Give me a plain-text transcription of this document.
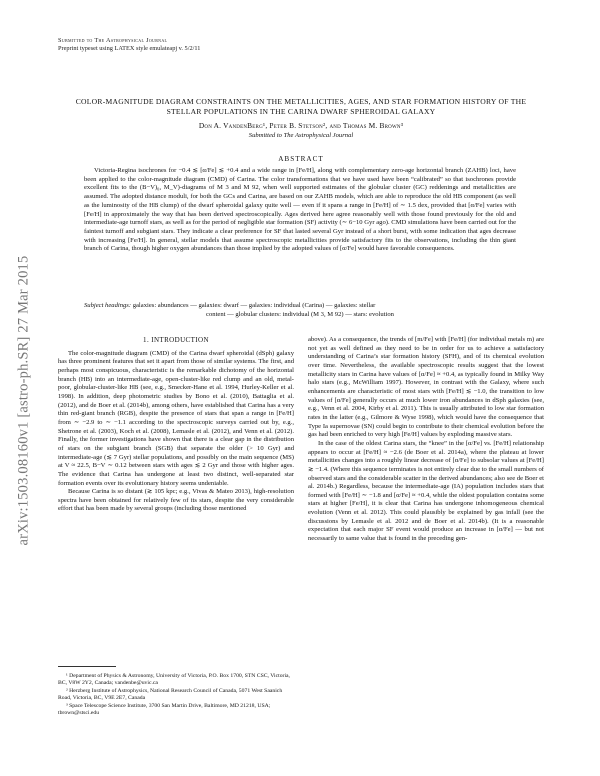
arXiv:1503.08160v1 [astro-ph.SR] 27 Mar 2015
Submitted to The Astrophysical Journal
Preprint typeset using LATEX style emulateapj v. 5/2/11
COLOR-MAGNITUDE DIAGRAM CONSTRAINTS ON THE METALLICITIES, AGES, AND STAR FORMATION HISTORY OF THE STELLAR POPULATIONS IN THE CARINA DWARF SPHEROIDAL GALAXY
Don A. VandenBerg¹, Peter B. Stetson², and Thomas M. Brown³
Submitted to The Astrophysical Journal
ABSTRACT
Victoria-Regina isochrones for −0.4 ≲ [α/Fe] ≲ +0.4 and a wide range in [Fe/H], along with complementary zero-age horizontal branch (ZAHB) loci, have been applied to the color-magnitude diagram (CMD) of Carina. The color transformations that we have used have been “calibrated” so that isochrones provide excellent fits to the (B−V)₀, M_V)-diagrams of M 3 and M 92, when well supported estimates of the globular cluster (GC) reddenings and metallicities are assumed. The adopted distance moduli, for both the GCs and Carina, are based on our ZAHB models, which are able to reproduce the old HB component (as well as the luminosity of the HB clump) of the dwarf spheroidal galaxy quite well — even if it spans a range in [Fe/H] of ∼ 1.5 dex, provided that [α/Fe] varies with [Fe/H] in approximately the way that has been derived spectroscopically. Ages derived here agree reasonably well with those found previously for the old and intermediate-age turnoff stars, as well as for the period of negligible star formation (SF) activity (∼ 6−10 Gyr ago). CMD simulations have been carried out for the faintest turnoff and subgiant stars. They indicate a clear preference for SF that lasted several Gyr instead of a short burst, with some indication that ages decrease with increasing [Fe/H]. In general, stellar models that assume spectroscopic metallicities provide satisfactory fits to the observations, including the thin giant branch of Carina, though higher oxygen abundances than those implied by the adopted values of [α/Fe] would have favorable consequences.
Subject headings: galaxies: abundances — galaxies: dwarf — galaxies: individual (Carina) — galaxies: stellar
content — globular clusters: individual (M 3, M 92) — stars: evolution
1. INTRODUCTION

The color-magnitude diagram (CMD) of the Carina dwarf spheroidal (dSph) galaxy has three prominent features that set it apart from those of similar systems. The first, and perhaps most conspicuous, characteristic is the remarkable dichotomy of the horizontal branch (HB) into an intermediate-age, open-cluster-like red clump and an old, metal-poor, globular-cluster-like HB (see, e.g., Smecker-Hane et al. 1994, Hurley-Keller et al. 1998). In addition, deep photometric studies by Bono et al. (2010), Battaglia et al. (2012), and de Boer et al. (2014b), among others, have established that Carina has a very thin red-giant branch (RGB), despite the presence of stars that span a range in [Fe/H] from ∼ −2.9 to ∼ −1.1 according to the spectroscopic surveys carried out by, e.g., Shetrone et al. (2003), Koch et al. (2008), Lemasle et al. (2012), and Venn et al. (2012). Finally, the former investigations have shown that there is a clear gap in the distribution of stars on the subgiant branch (SGB) that separate the older (> 10 Gyr) and intermediate-age (≲ 7 Gyr) stellar populations, and possibly on the main sequence (MS) at V ≈ 22.5, B−V ∼ 0.12 between stars with ages ≲ 2 Gyr and those with higher ages. The evidence that Carina has undergone at least two distinct, well-separated star formation events over its evolutionary history seems undeniable.

Because Carina is so distant (≳ 105 kpc; e.g., Vivas & Mateo 2013), high-resolution spectra have been obtained for relatively few of its stars, despite the very considerable effort that has been made by several groups (including those mentioned

above). As a consequence, the trends of [m/Fe] with [Fe/H] (for individual metals m) are not yet as well defined as they need to be in order for us to achieve a satisfactory understanding of Carina’s star formation history (SFH), and of its chemical evolution over time. Nevertheless, the available spectroscopic results suggest that the lowest metallicity stars in Carina have values of [α/Fe] ≈ +0.4, as typically found in Milky Way halo stars (e.g., McWilliam 1997). However, in contrast with the Galaxy, where such enhancements are characteristic of most stars with [Fe/H] ≲ −1.0, the transition to low values of [α/Fe] generally occurs at much lower iron abundances in dSph galaxies (see, e.g., Venn et al. 2004, Kirby et al. 2011). This is usually attributed to low star formation rates in the latter (e.g., Gilmore & Wyse 1998), which would have the consequence that Type Ia supernovae (SN) could begin to contribute to their chemical evolution before the gas had been enriched to very high [Fe/H] values by exploding massive stars.

In the case of the oldest Carina stars, the “knee” in the [α/Fe] vs. [Fe/H] relationship appears to occur at [Fe/H] ≈ −2.6 (de Boer et al. 2014a), where the plateau at lower metallicities changes into a roughly linear decrease of [α/Fe] to subsolar values at [Fe/H] ≳ −1.4. (Where this sequence terminates is not entirely clear due to the small numbers of observed stars and the considerable scatter in the derived abundances; also see de Boer et al. 2014b.) Regardless, because the intermediate-age (IA) population includes stars that formed with [Fe/H] ∼ −1.8 and [α/Fe] ≈ +0.4, while the oldest population contains some stars at higher [Fe/H], it is clear that Carina has undergone inhomogeneous chemical evolution (Venn et al. 2012). This could plausibly be explained by gas infall (see the discussions by Lemasle et al. 2012 and de Boer et al. 2014b). (It is a reasonable expectation that each major SF event would produce an increase in [α/Fe] — but not necessarily to same value that is found in the preceding gen-

¹ Department of Physics & Astronomy, University of Victoria, P.O. Box 1700, STN CSC, Victoria, BC, V8W 2Y2, Canada; vandenbe@uvic.ca

² Herzberg Institute of Astrophysics, National Research Council of Canada, 5071 West Saanich Road, Victoria, BC, V9E 2E7, Canada

³ Space Telescope Science Institute, 3700 San Martin Drive, Baltimore, MD 21218, USA; tbrown@stsci.edu
